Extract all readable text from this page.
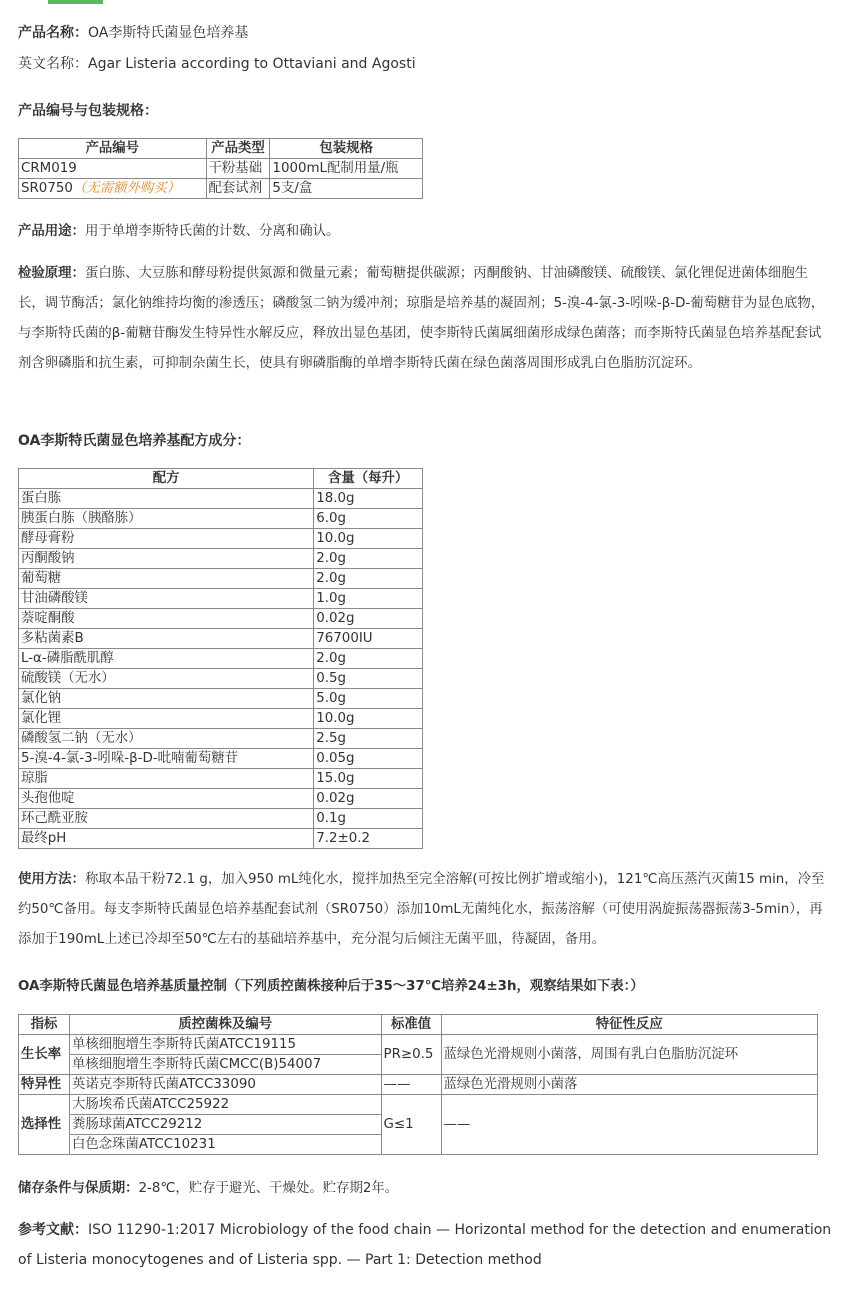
产品名称：OA李斯特氏菌显色培养基

英文名称：Agar Listeria according to Ottaviani and Agosti

产品编号与包装规格：

产品编号	产品类型	包装规格
CRM019	干粉基础	1000mL配制用量/瓶
SR0750（无需额外购买）	配套试剂	5支/盒

产品用途：用于单增李斯特氏菌的计数、分离和确认。

检验原理：蛋白胨、大豆胨和酵母粉提供氮源和微量元素；葡萄糖提供碳源；丙酮酸钠、甘油磷酸镁、硫酸镁、氯化锂促进菌体细胞生长，调节酶活；氯化钠维持均衡的渗透压；磷酸氢二钠为缓冲剂；琼脂是培养基的凝固剂；5-溴-4-氯-3-吲哚-β-D-葡萄糖苷为显色底物，与李斯特氏菌的β-葡糖苷酶发生特异性水解反应，释放出显色基团，使李斯特氏菌属细菌形成绿色菌落；而李斯特氏菌显色培养基配套试剂含卵磷脂和抗生素，可抑制杂菌生长，使具有卵磷脂酶的单增李斯特氏菌在绿色菌落周围形成乳白色脂肪沉淀环。

OA李斯特氏菌显色培养基配方成分：

配方	含量（每升）
蛋白胨	18.0g
胰蛋白胨（胰酪胨）	6.0g
酵母膏粉	10.0g
丙酮酸钠	2.0g
葡萄糖	2.0g
甘油磷酸镁	1.0g
萘啶酮酸	0.02g
多粘菌素B	76700IU
L-α-磷脂酰肌醇	2.0g
硫酸镁（无水）	0.5g
氯化钠	5.0g
氯化锂	10.0g
磷酸氢二钠（无水）	2.5g
5-溴-4-氯-3-吲哚-β-D-吡喃葡萄糖苷	0.05g
琼脂	15.0g
头孢他啶	0.02g
环己酰亚胺	0.1g
最终pH	7.2±0.2

使用方法：称取本品干粉72.1 g，加入950 mL纯化水，搅拌加热至完全溶解(可按比例扩增或缩小)，121℃高压蒸汽灭菌15 min，冷至约50℃备用。每支李斯特氏菌显色培养基配套试剂（SR0750）添加10mL无菌纯化水，振荡溶解（可使用涡旋振荡器振荡3-5min），再添加于190mL上述已冷却至50℃左右的基础培养基中，充分混匀后倾注无菌平皿，待凝固，备用。

OA李斯特氏菌显色培养基质量控制（下列质控菌株接种后于35～37℃培养24±3h，观察结果如下表：）

指标	质控菌株及编号	标准值	特征性反应
生长率	单核细胞增生李斯特氏菌ATCC19115	PR≥0.5	蓝绿色光滑规则小菌落，周围有乳白色脂肪沉淀环
	单核细胞增生李斯特氏菌CMCC(B)54007		
特异性	英诺克李斯特氏菌ATCC33090	——	蓝绿色光滑规则小菌落
选择性	大肠埃希氏菌ATCC25922	G≤1	——
	粪肠球菌ATCC29212		
	白色念珠菌ATCC10231		

储存条件与保质期：2-8℃，贮存于避光、干燥处。贮存期2年。

参考文献：ISO 11290-1:2017 Microbiology of the food chain — Horizontal method for the detection and enumeration of Listeria monocytogenes and of Listeria spp. — Part 1: Detection method
